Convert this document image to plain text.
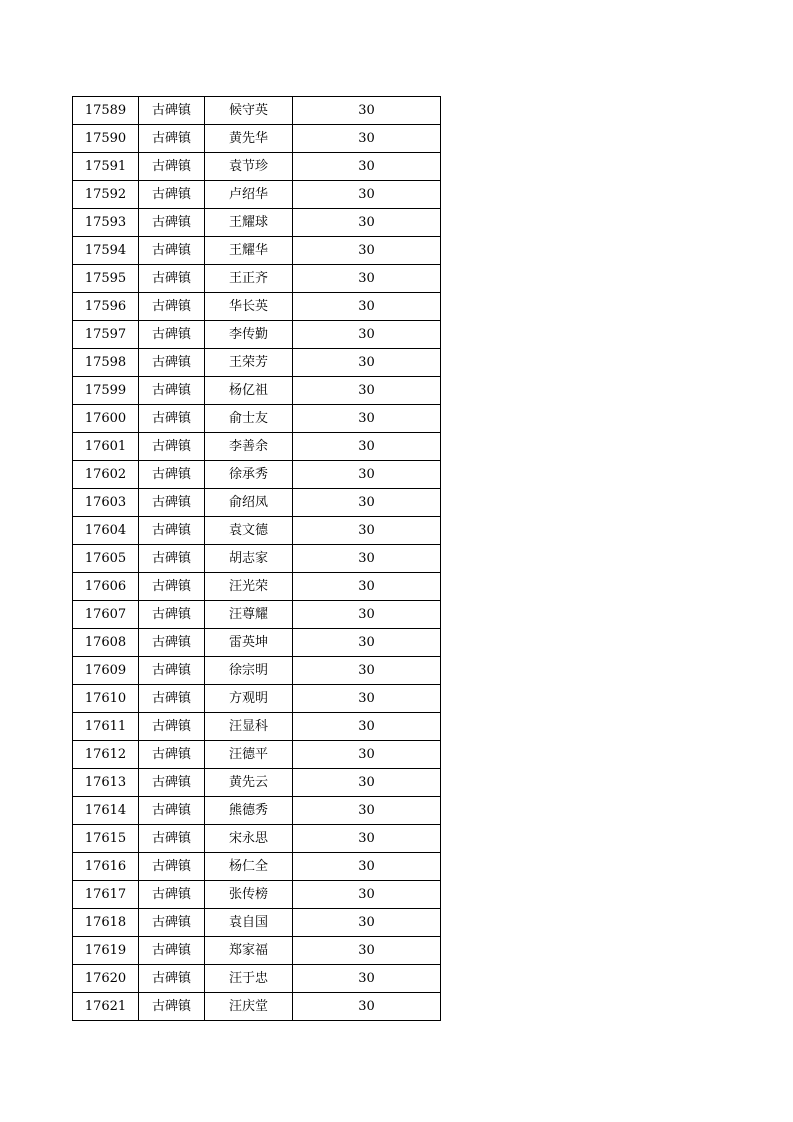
17589	古碑镇	候守英	30
17590	古碑镇	黄先华	30
17591	古碑镇	袁节珍	30
17592	古碑镇	卢绍华	30
17593	古碑镇	王耀球	30
17594	古碑镇	王耀华	30
17595	古碑镇	王正齐	30
17596	古碑镇	华长英	30
17597	古碑镇	李传勤	30
17598	古碑镇	王荣芳	30
17599	古碑镇	杨亿祖	30
17600	古碑镇	俞士友	30
17601	古碑镇	李善余	30
17602	古碑镇	徐承秀	30
17603	古碑镇	俞绍凤	30
17604	古碑镇	袁文德	30
17605	古碑镇	胡志家	30
17606	古碑镇	汪光荣	30
17607	古碑镇	汪尊耀	30
17608	古碑镇	雷英坤	30
17609	古碑镇	徐宗明	30
17610	古碑镇	方观明	30
17611	古碑镇	汪显科	30
17612	古碑镇	汪德平	30
17613	古碑镇	黄先云	30
17614	古碑镇	熊德秀	30
17615	古碑镇	宋永思	30
17616	古碑镇	杨仁全	30
17617	古碑镇	张传榜	30
17618	古碑镇	袁自国	30
17619	古碑镇	郑家福	30
17620	古碑镇	汪于忠	30
17621	古碑镇	汪庆堂	30
